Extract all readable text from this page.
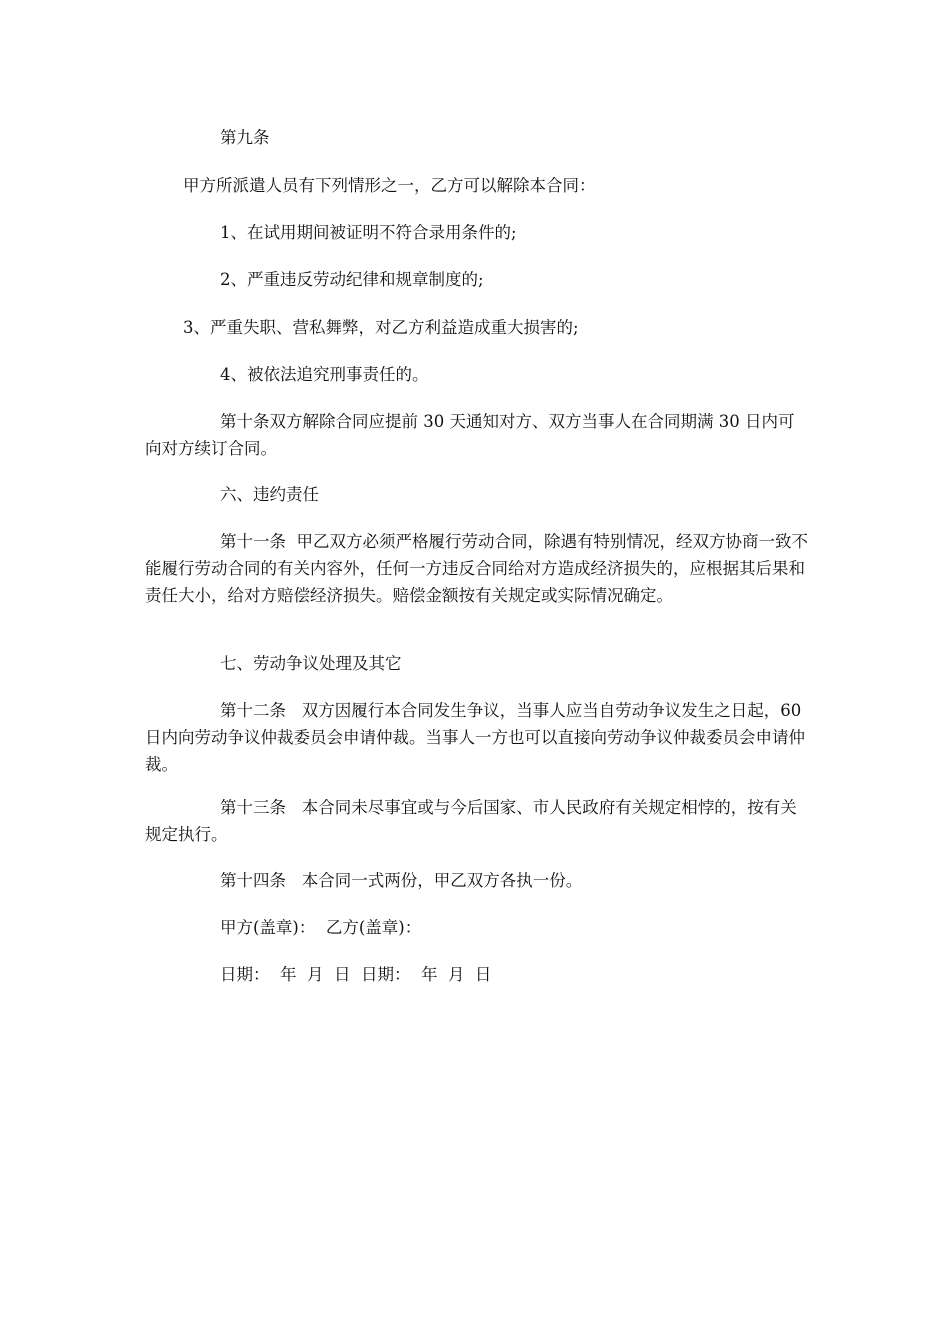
第九条

甲方所派遣人员有下列情形之一，乙方可以解除本合同：

1、在试用期间被证明不符合录用条件的;

2、严重违反劳动纪律和规章制度的;

3、严重失职、营私舞弊，对乙方利益造成重大损害的;

4、被依法追究刑事责任的。

第十条双方解除合同应提前 30 天通知对方、双方当事人在合同期满 30 日内可向对方续订合同。

六、违约责任

第十一条  甲乙双方必须严格履行劳动合同，除遇有特别情况，经双方协商一致不能履行劳动合同的有关内容外，任何一方违反合同给对方造成经济损失的，应根据其后果和责任大小，给对方赔偿经济损失。赔偿金额按有关规定或实际情况确定。

七、劳动争议处理及其它

第十二条   双方因履行本合同发生争议，当事人应当自劳动争议发生之日起，60 日内向劳动争议仲裁委员会申请仲裁。当事人一方也可以直接向劳动争议仲裁委员会申请仲裁。

第十三条   本合同未尽事宜或与今后国家、市人民政府有关规定相悖的，按有关规定执行。

第十四条   本合同一式两份，甲乙双方各执一份。

甲方(盖章)：  乙方(盖章)：

日期：  年  月  日  日期：  年  月  日
